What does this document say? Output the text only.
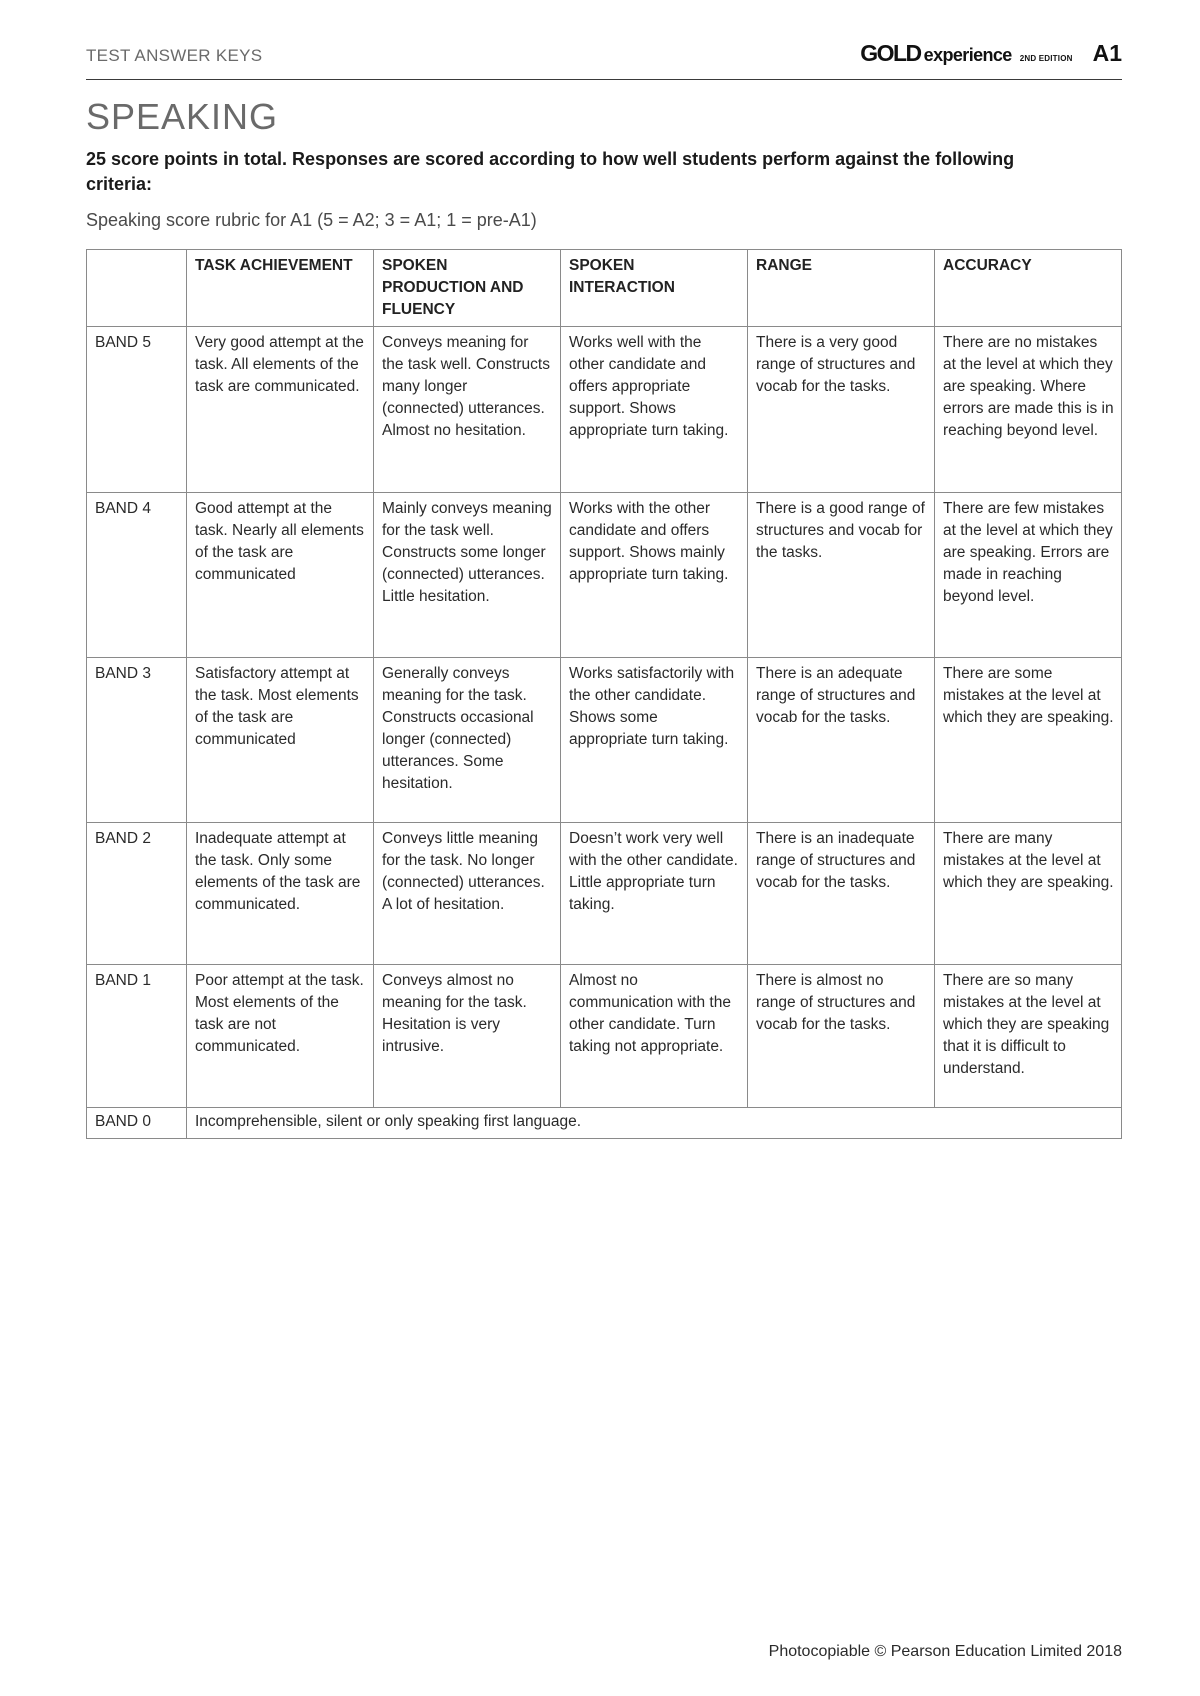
TEST ANSWER KEYS	GOLD experience 2ND EDITION A1
SPEAKING

25 score points in total. Responses are scored according to how well students perform against the following criteria:

Speaking score rubric for A1 (5 = A2; 3 = A1; 1 = pre-A1)

	TASK ACHIEVEMENT	SPOKEN PRODUCTION AND FLUENCY	SPOKEN INTERACTION	RANGE	ACCURACY
BAND 5	Very good attempt at the task. All elements of the task are communicated.	Conveys meaning for the task well. Constructs many longer (connected) utterances. Almost no hesitation.	Works well with the other candidate and offers appropriate support. Shows appropriate turn taking.	There is a very good range of structures and vocab for the tasks.	There are no mistakes at the level at which they are speaking. Where errors are made this is in reaching beyond level.
BAND 4	Good attempt at the task. Nearly all elements of the task are communicated	Mainly conveys meaning for the task well. Constructs some longer (connected) utterances. Little hesitation.	Works with the other candidate and offers support. Shows mainly appropriate turn taking.	There is a good range of structures and vocab for the tasks.	There are few mistakes at the level at which they are speaking. Errors are made in reaching beyond level.
BAND 3	Satisfactory attempt at the task. Most elements of the task are communicated	Generally conveys meaning for the task. Constructs occasional longer (connected) utterances. Some hesitation.	Works satisfactorily with the other candidate. Shows some appropriate turn taking.	There is an adequate range of structures and vocab for the tasks.	There are some mistakes at the level at which they are speaking.
BAND 2	Inadequate attempt at the task. Only some elements of the task are communicated.	Conveys little meaning for the task. No longer (connected) utterances. A lot of hesitation.	Doesn’t work very well with the other candidate. Little appropriate turn taking.	There is an inadequate range of structures and vocab for the tasks.	There are many mistakes at the level at which they are speaking.
BAND 1	Poor attempt at the task. Most elements of the task are not communicated.	Conveys almost no meaning for the task. Hesitation is very intrusive.	Almost no communication with the other candidate. Turn taking not appropriate.	There is almost no range of structures and vocab for the tasks.	There are so many mistakes at the level at which they are speaking that it is difficult to understand.
BAND 0	Incomprehensible, silent or only speaking first language.				
Photocopiable © Pearson Education Limited 2018
